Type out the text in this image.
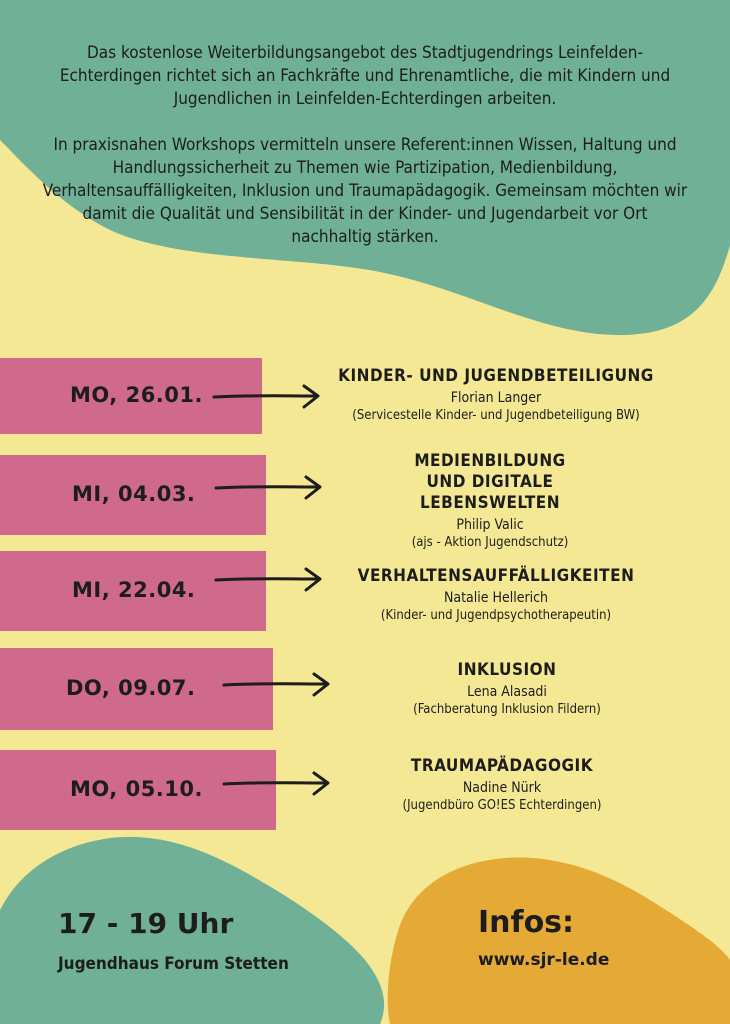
Das kostenlose Weiterbildungsangebot des Stadtjugendrings Leinfelden-Echterdingen richtet sich an Fachkräfte und Ehrenamtliche, die mit Kindern und Jugendlichen in Leinfelden-Echterdingen arbeiten.

In praxisnahen Workshops vermitteln unsere Referent:innen Wissen, Haltung und Handlungssicherheit zu Themen wie Partizipation, Medienbildung, Verhaltensauffälligkeiten, Inklusion und Traumapädagogik. Gemeinsam möchten wir damit die Qualität und Sensibilität in der Kinder- und Jugendarbeit vor Ort nachhaltig stärken.

MO, 26.01.
KINDER- UND JUGENDBETEILIGUNG
Florian Langer
(Servicestelle Kinder- und Jugendbeteiligung BW)
MI, 04.03.
MEDIENBILDUNG UND DIGITALE LEBENSWELTEN
Philip Valic
(ajs - Aktion Jugendschutz)
MI, 22.04.
VERHALTENSAUFFÄLLIGKEITEN
Natalie Hellerich
(Kinder- und Jugendpsychotherapeutin)
DO, 09.07.
INKLUSION
Lena Alasadi
(Fachberatung Inklusion Fildern)
MO, 05.10.
TRAUMAPÄDAGOGIK
Nadine Nürk
(Jugendbüro GO!ES Echterdingen)
17 - 19 Uhr
Jugendhaus Forum Stetten
Infos:
www.sjr-le.de
